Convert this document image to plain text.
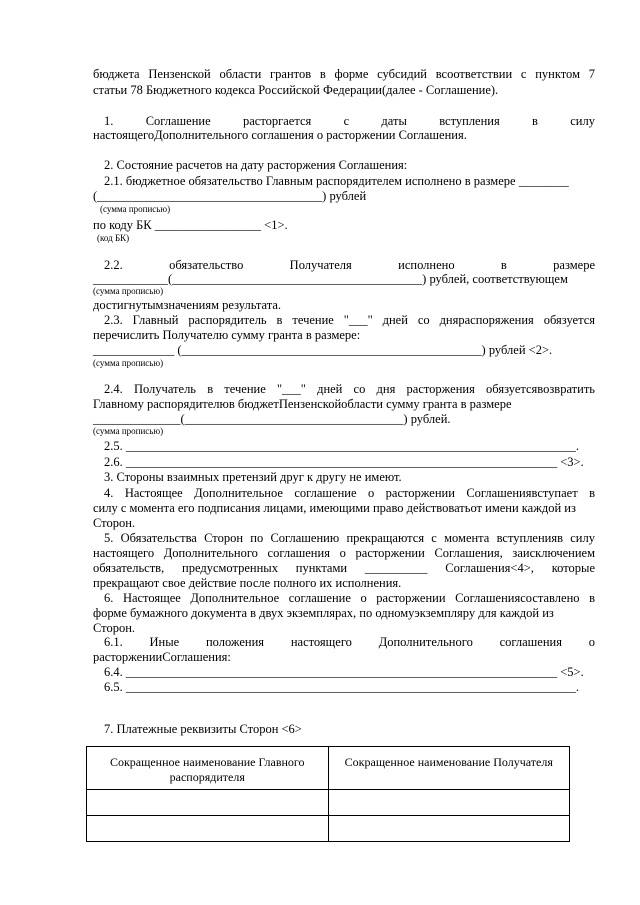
бюджета Пензенской области грантов в форме субсидий всоответствии с пунктом 7
статьи 78 Бюджетного кодекса Российской Федерации(далее - Соглашение).
1. Соглашение расторгается с даты вступления в силу
настоящегоДополнительного соглашения о расторжении Соглашения.
2. Состояние расчетов на дату расторжения Соглашения:
2.1. бюджетное обязательство Главным распорядителем исполнено в размере ________
(____________________________________) рублей
(сумма прописью)
по коду БК _________________ <1>.
(код БК)
2.2. обязательство Получателя исполнено в размере
____________(________________________________________) рублей, соответствующем
(сумма прописью)
достигнутымзначениям результата.
2.3. Главный распорядитель в течение "___" дней со дняраспоряжения обязуется
перечислить Получателю сумму гранта в размере:
_____________ (________________________________________________) рублей <2>.
(сумма прописью)
2.4. Получатель в течение "___" дней со дня расторжения обязуетсявозвратить
Главному распорядителюв бюджетПензенскойобласти сумму гранта в размере
______________(___________________________________) рублей.
(сумма прописью)
2.5. ________________________________________________________________________.
2.6. _____________________________________________________________________ <3>.
3. Стороны взаимных претензий друг к другу не имеют.
4. Настоящее Дополнительное соглашение о расторжении Соглашениявступает в
силу с момента его подписания лицами, имеющими право действоватьот имени каждой из
Сторон.
5. Обязательства Сторон по Соглашению прекращаются с момента вступленияв силу
настоящего Дополнительного соглашения о расторжении Соглашения, заисключением
обязательств, предусмотренных пунктами __________ Соглашения<4>, которые
прекращают свое действие после полного их исполнения.
6. Настоящее Дополнительное соглашение о расторжении Соглашениясоставлено в
форме бумажного документа в двух экземплярах, по одномуэкземпляру для каждой из
Сторон.
6.1. Иные положения настоящего Дополнительного соглашения о
расторженииСоглашения:
6.4. _____________________________________________________________________ <5>.
6.5. ________________________________________________________________________.
7. Платежные реквизиты Сторон <6>
Сокращенное наименование Главного распорядителя	Сокращенное наименование Получателя
